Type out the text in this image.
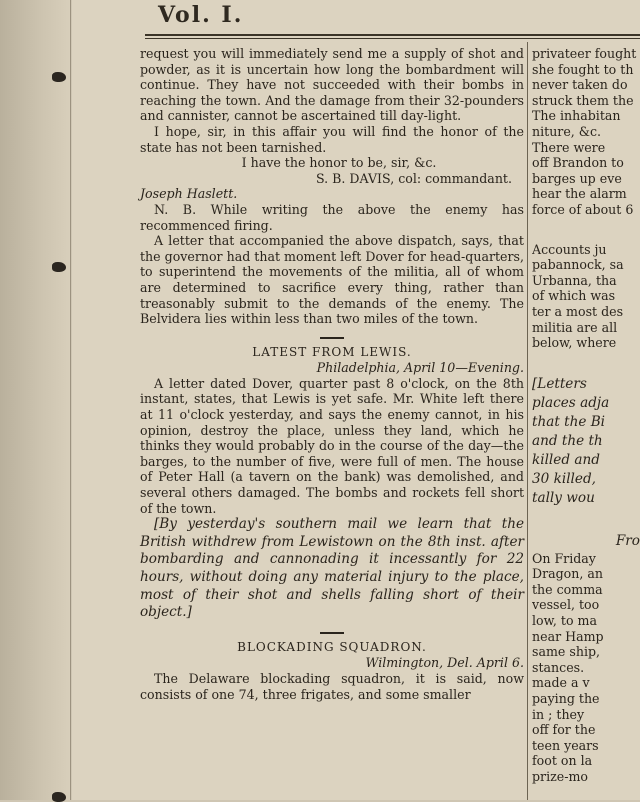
Vol. I.

request you will immediately send me a supply of shot and powder, as it is uncertain how long the bombardment will continue. They have not succeeded with their bombs in reaching the town. And the damage from their 32-pounders and cannister, cannot be ascertained till day-light.

I hope, sir, in this affair you will find the honor of the state has not been tarnished.

I have the honor to be, sir, &c.

S. B. DAVIS, col: commandant.

Joseph Haslett.

N. B. While writing the above the enemy has recommenced firing.

A letter that accompanied the above dispatch, says, that the governor had that moment left Dover for head-quarters, to superintend the movements of the militia, all of whom are determined to sacrifice every thing, rather than treasonably submit to the demands of the enemy. The Belvidera lies within less than two miles of the town.

LATEST FROM LEWIS.

Philadelphia, April 10—Evening.

A letter dated Dover, quarter past 8 o'clock, on the 8th instant, states, that Lewis is yet safe. Mr. White left there at 11 o'clock yesterday, and says the enemy cannot, in his opinion, destroy the place, unless they land, which he thinks they would probably do in the course of the day—the barges, to the number of five, were full of men. The house of Peter Hall (a tavern on the bank) was demolished, and several others damaged. The bombs and rockets fell short of the town.

[By yesterday's southern mail we learn that the British withdrew from Lewistown on the 8th inst. after bombarding and cannonading it incessantly for 22 hours, without doing any material injury to the place, most of their shot and shells falling short of their object.]

BLOCKADING SQUADRON.

Wilmington, Del. April 6.

The Delaware blockading squadron, it is said, now consists of one 74, three frigates, and some smaller

privateer fought
she fought to th
never taken do
struck them the
The inhabitan
niture, &c.
There were
off Brandon to
barges up eve
hear the alarm
force of about 6
Accounts ju
pabannock, sa
Urbanna, tha
of which was
ter a most des
militia are all
below, where
[Letters
places adja
that the Bi
and the th
killed and
30 killed,
tally wou
Fro
On Friday
Dragon, an
the comma
vessel, too
low, to ma
near Hamp
same ship,
stances.
made a v
paying the
in ; they
off for the
teen years
foot on la
prize-mo
